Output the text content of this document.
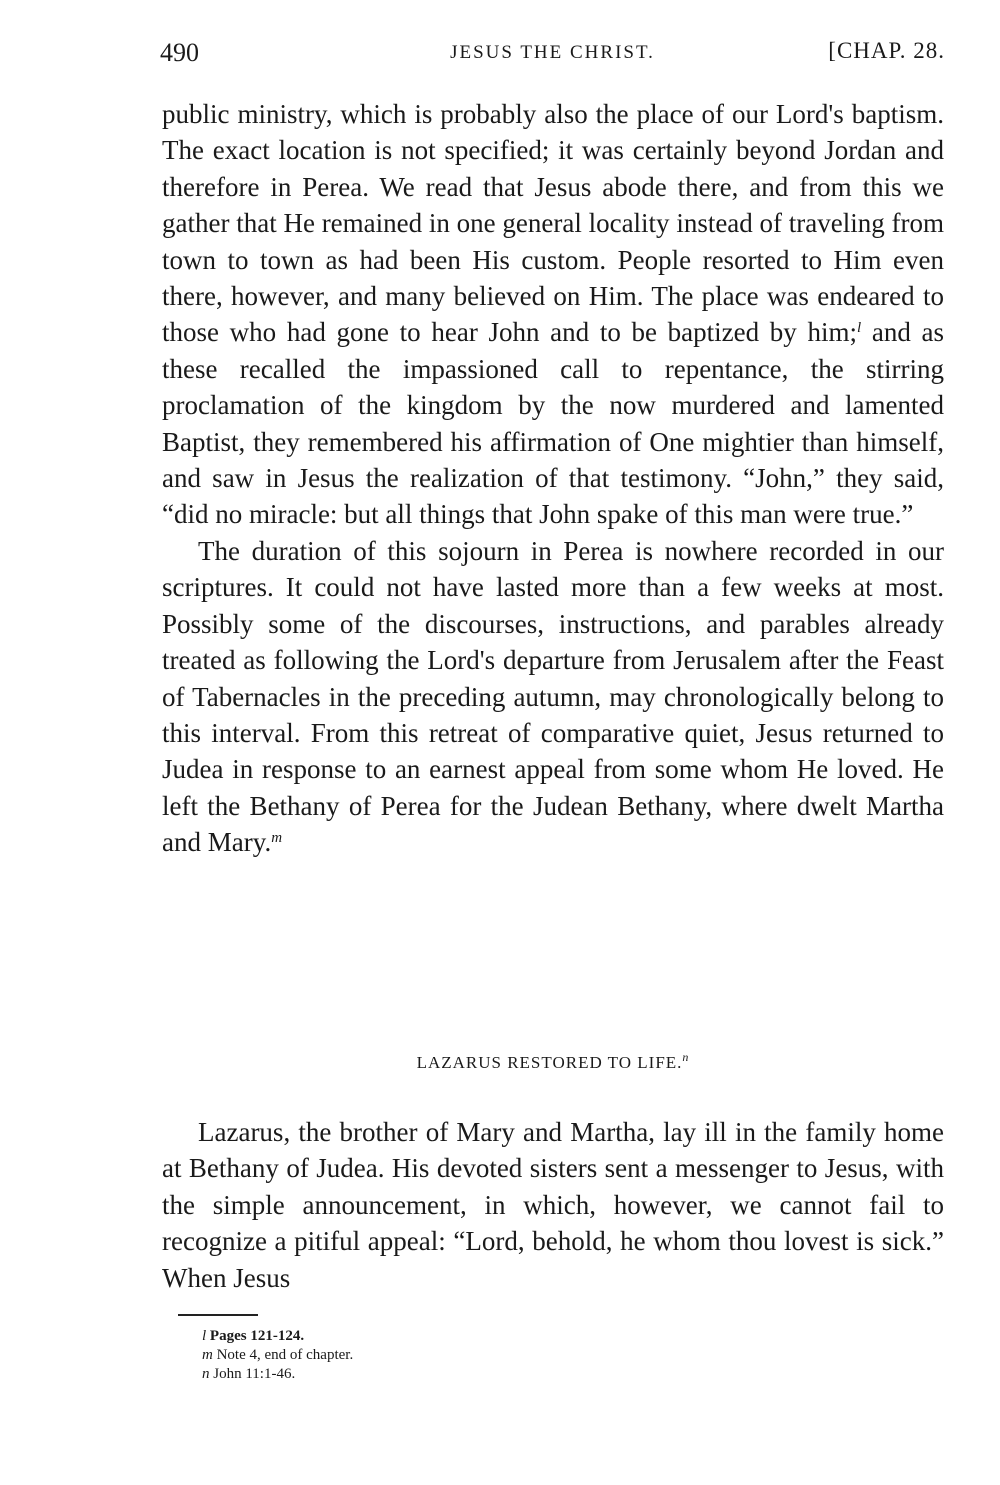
490	JESUS THE CHRIST.	[CHAP. 28.

public ministry, which is probably also the place of our Lord's baptism. The exact location is not specified; it was certainly beyond Jordan and therefore in Perea. We read that Jesus abode there, and from this we gather that He remained in one general locality instead of traveling from town to town as had been His custom. People resorted to Him even there, however, and many believed on Him. The place was endeared to those who had gone to hear John and to be baptized by him;$^l$ and as these recalled the impassioned call to repentance, the stirring proclamation of the kingdom by the now murdered and lamented Baptist, they remembered his affirmation of One mightier than himself, and saw in Jesus the realization of that testimony. “John,” they said, “did no miracle: but all things that John spake of this man were true.”

The duration of this sojourn in Perea is nowhere recorded in our scriptures. It could not have lasted more than a few weeks at most. Possibly some of the discourses, instructions, and parables already treated as following the Lord's departure from Jerusalem after the Feast of Tabernacles in the preceding autumn, may chronologically belong to this interval. From this retreat of comparative quiet, Jesus returned to Judea in response to an earnest appeal from some whom He loved. He left the Bethany of Perea for the Judean Bethany, where dwelt Martha and Mary.$^m$

LAZARUS RESTORED TO LIFE.$^n$

Lazarus, the brother of Mary and Martha, lay ill in the family home at Bethany of Judea. His devoted sisters sent a messenger to Jesus, with the simple announcement, in which, however, we cannot fail to recognize a pitiful appeal: “Lord, behold, he whom thou lovest is sick.” When Jesus

l Pages 121-124.
m Note 4, end of chapter.
n John 11:1-46.
